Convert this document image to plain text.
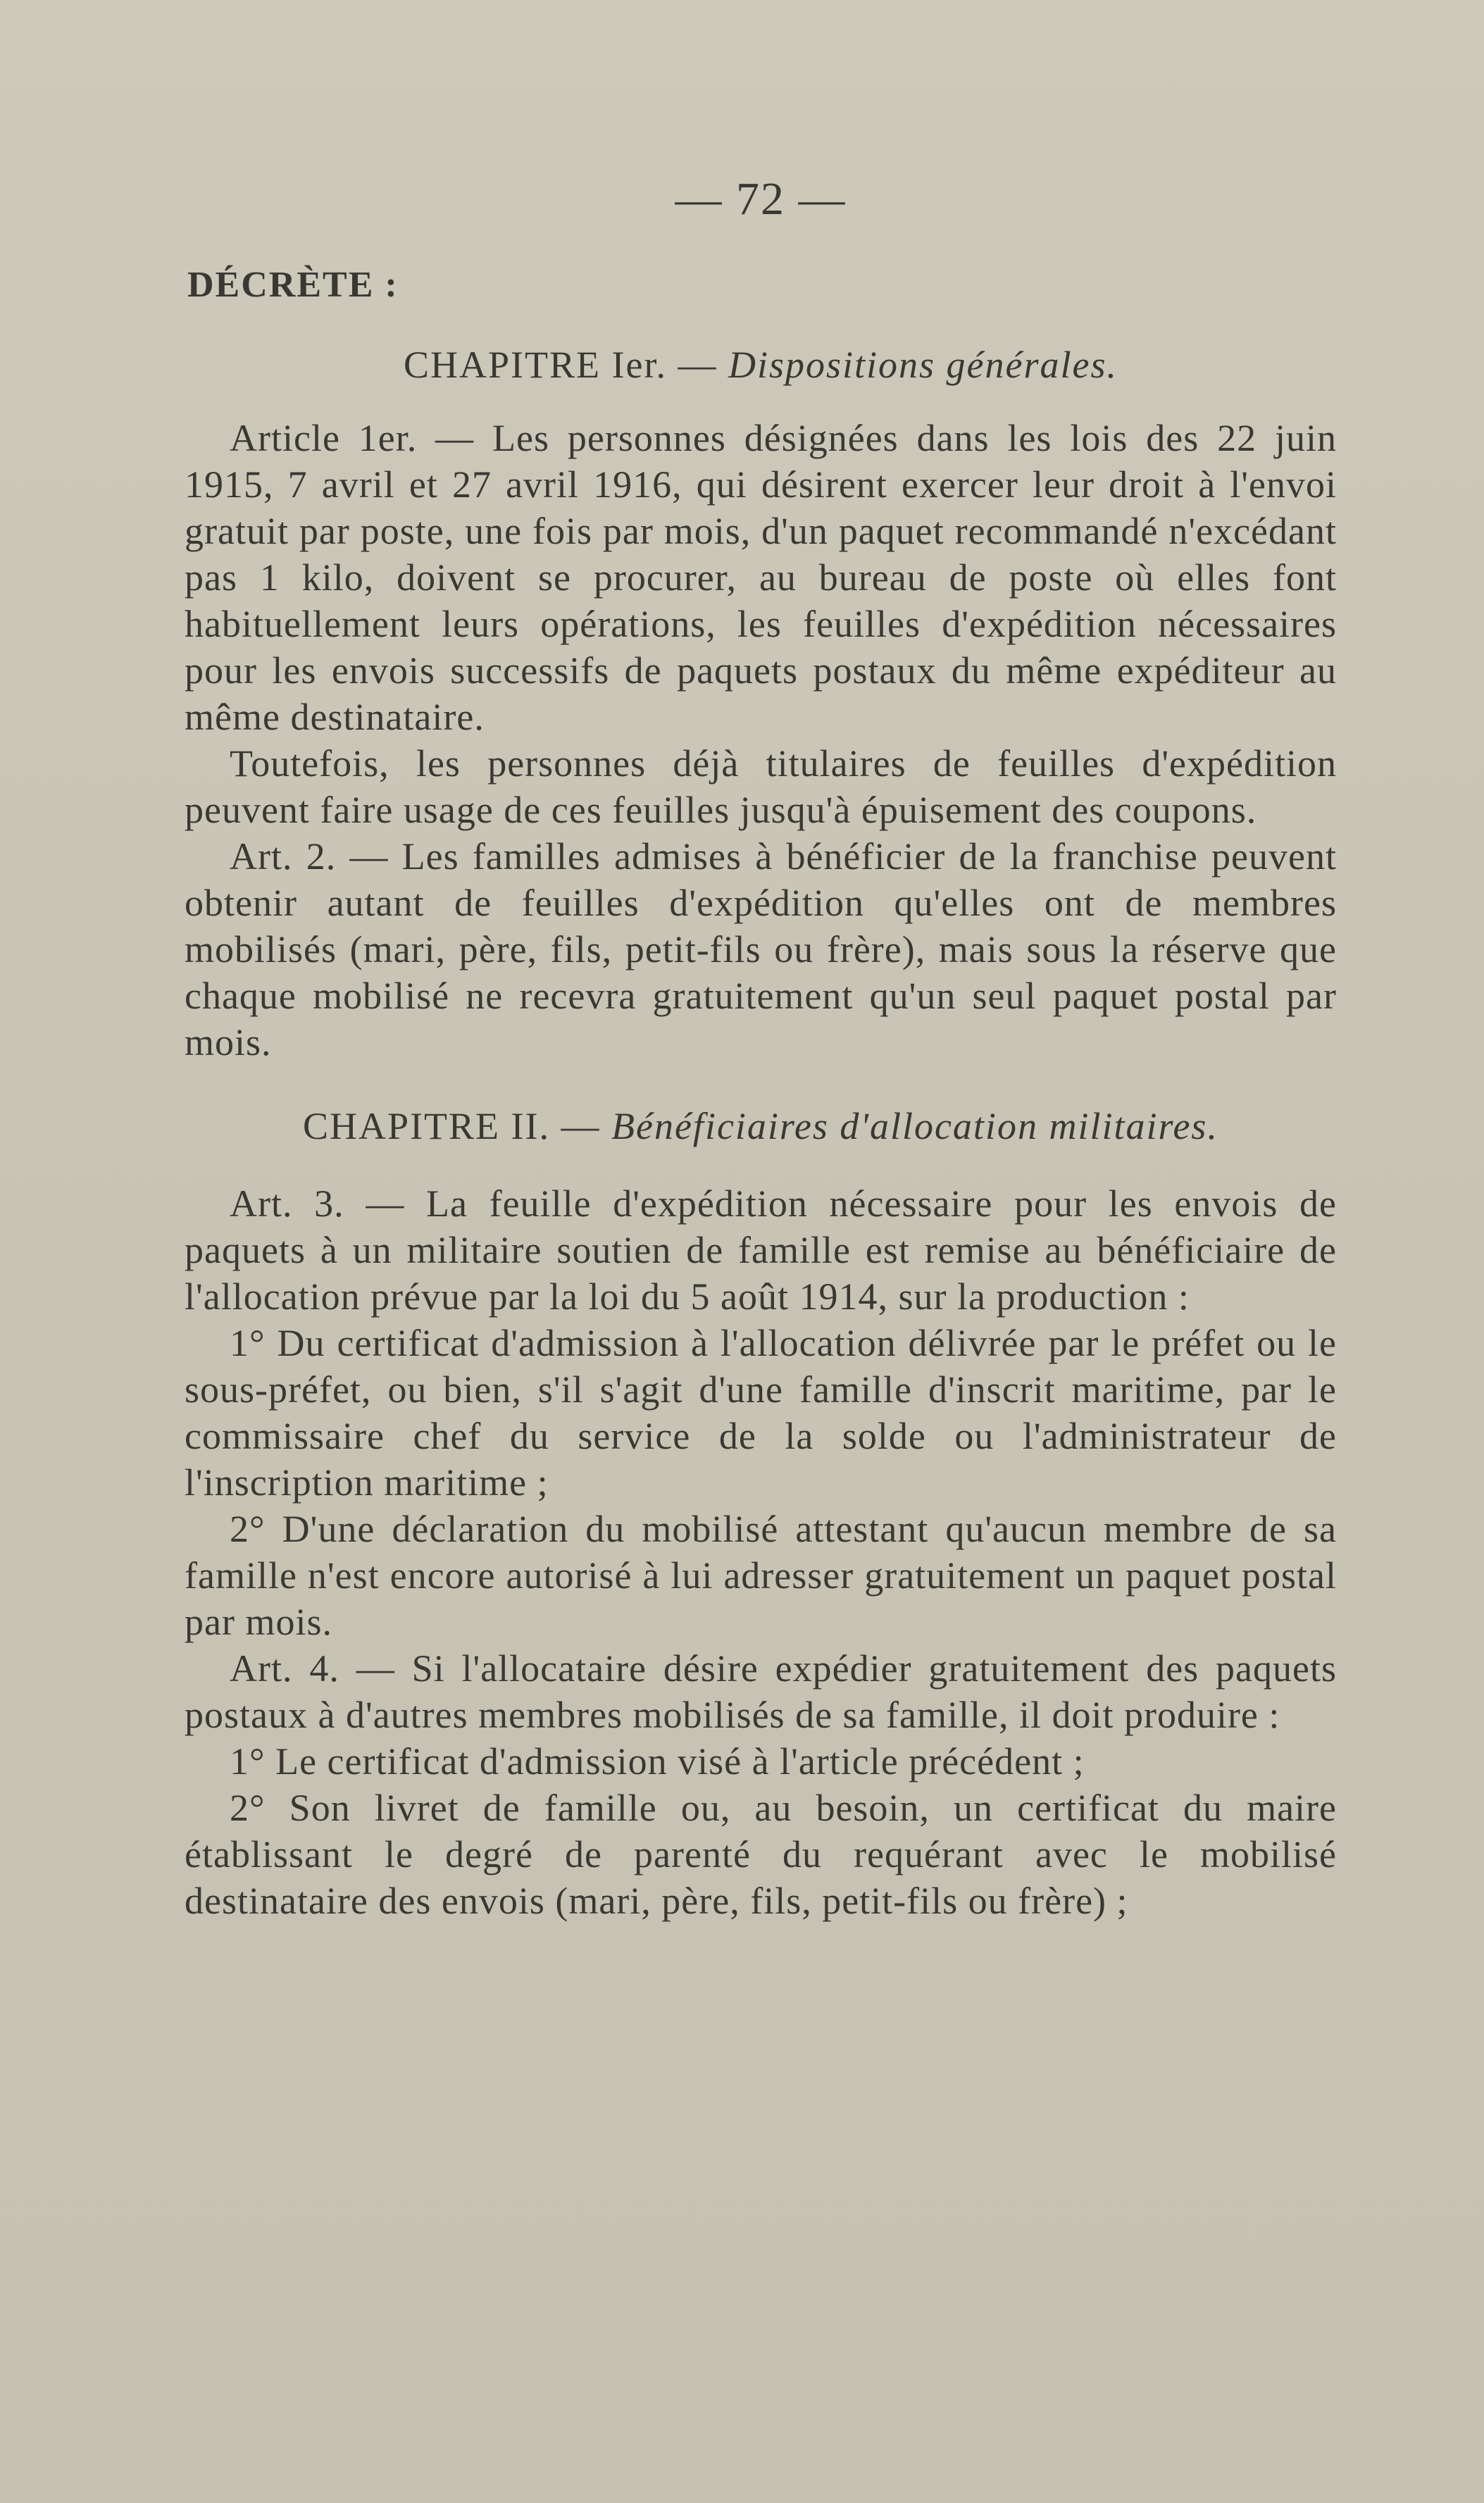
— 72 —
DÉCRÈTE :
CHAPITRE Ier. — Dispositions générales.

Article 1er. — Les personnes désignées dans les lois des 22 juin 1915, 7 avril et 27 avril 1916, qui désirent exercer leur droit à l'envoi gratuit par poste, une fois par mois, d'un paquet recommandé n'excédant pas 1 kilo, doivent se procurer, au bureau de poste où elles font habituellement leurs opérations, les feuilles d'expédition nécessaires pour les envois successifs de paquets postaux du même expéditeur au même destinataire.

Toutefois, les personnes déjà titulaires de feuilles d'expédition peuvent faire usage de ces feuilles jusqu'à épuisement des coupons.

Art. 2. — Les familles admises à bénéficier de la franchise peuvent obtenir autant de feuilles d'expédition qu'elles ont de membres mobilisés (mari, père, fils, petit-fils ou frère), mais sous la réserve que chaque mobilisé ne recevra gratuitement qu'un seul paquet postal par mois.

CHAPITRE II. — Bénéficiaires d'allocation militaires.

Art. 3. — La feuille d'expédition nécessaire pour les envois de paquets à un militaire soutien de famille est remise au bénéficiaire de l'allocation prévue par la loi du 5 août 1914, sur la production :

1° Du certificat d'admission à l'allocation délivrée par le préfet ou le sous-préfet, ou bien, s'il s'agit d'une famille d'inscrit maritime, par le commissaire chef du service de la solde ou l'administrateur de l'inscription maritime ;

2° D'une déclaration du mobilisé attestant qu'aucun membre de sa famille n'est encore autorisé à lui adresser gratuitement un paquet postal par mois.

Art. 4. — Si l'allocataire désire expédier gratuitement des paquets postaux à d'autres membres mobilisés de sa famille, il doit produire :

1° Le certificat d'admission visé à l'article précédent ;

2° Son livret de famille ou, au besoin, un certificat du maire établissant le degré de parenté du requérant avec le mobilisé destinataire des envois (mari, père, fils, petit-fils ou frère) ;
